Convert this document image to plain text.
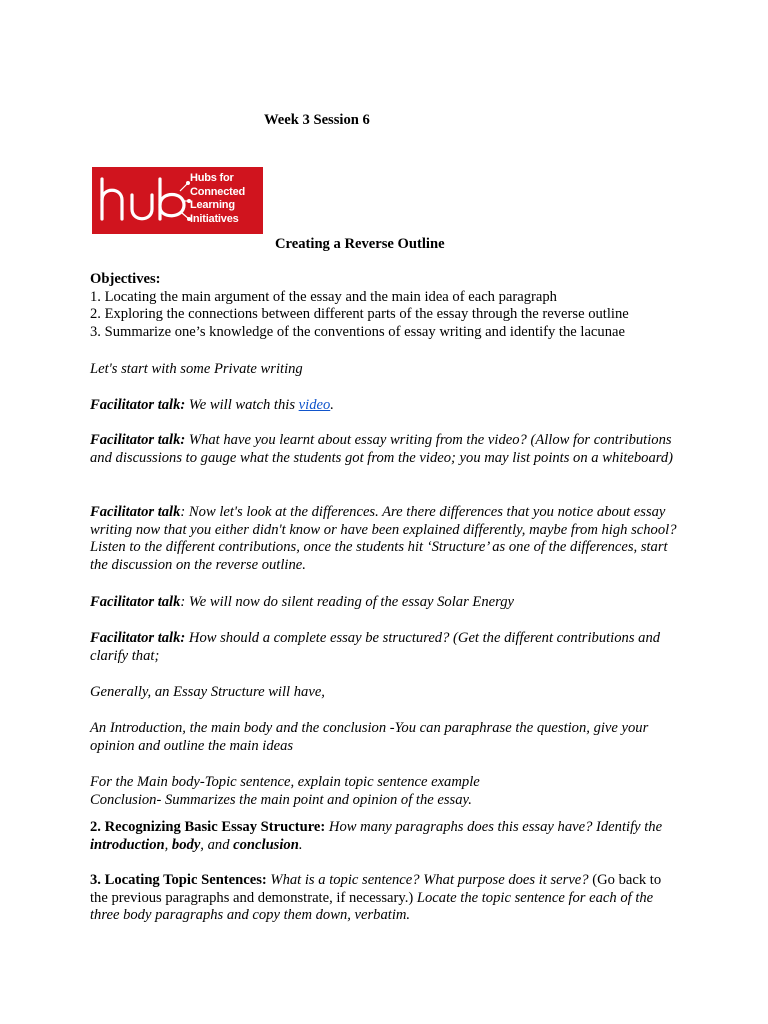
Week 3 Session 6
Hubs for
Connected
Learning
Initiatives
Creating a Reverse Outline
Objectives:
1. Locating the main argument of the essay and the main idea of each paragraph
2. Exploring the connections between different parts of the essay through the reverse outline
3. Summarize one’s knowledge of the conventions of essay writing and identify the lacunae
Let's start with some Private writing
Facilitator talk: We will watch this video.
Facilitator talk: What have you learnt about essay writing from the video? (Allow for contributions and discussions to gauge what the students got from the video; you may list points on a whiteboard)
Facilitator talk: Now let's look at the differences. Are there differences that you notice about essay writing now that you either didn't know or have been explained differently, maybe from high school? Listen to the different contributions, once the students hit ‘Structure’ as one of the differences, start the discussion on the reverse outline.
Facilitator talk: We will now do silent reading of the essay Solar Energy
Facilitator talk: How should a complete essay be structured? (Get the different contributions and clarify that;
Generally, an Essay Structure will have,
An Introduction, the main body and the conclusion -You can paraphrase the question, give your opinion and outline the main ideas
For the Main body-Topic sentence, explain topic sentence example
Conclusion- Summarizes the main point and opinion of the essay.
2. Recognizing Basic Essay Structure: How many paragraphs does this essay have? Identify the introduction, body, and conclusion.
3. Locating Topic Sentences: What is a topic sentence? What purpose does it serve? (Go back to the previous paragraphs and demonstrate, if necessary.) Locate the topic sentence for each of the three body paragraphs and copy them down, verbatim.
